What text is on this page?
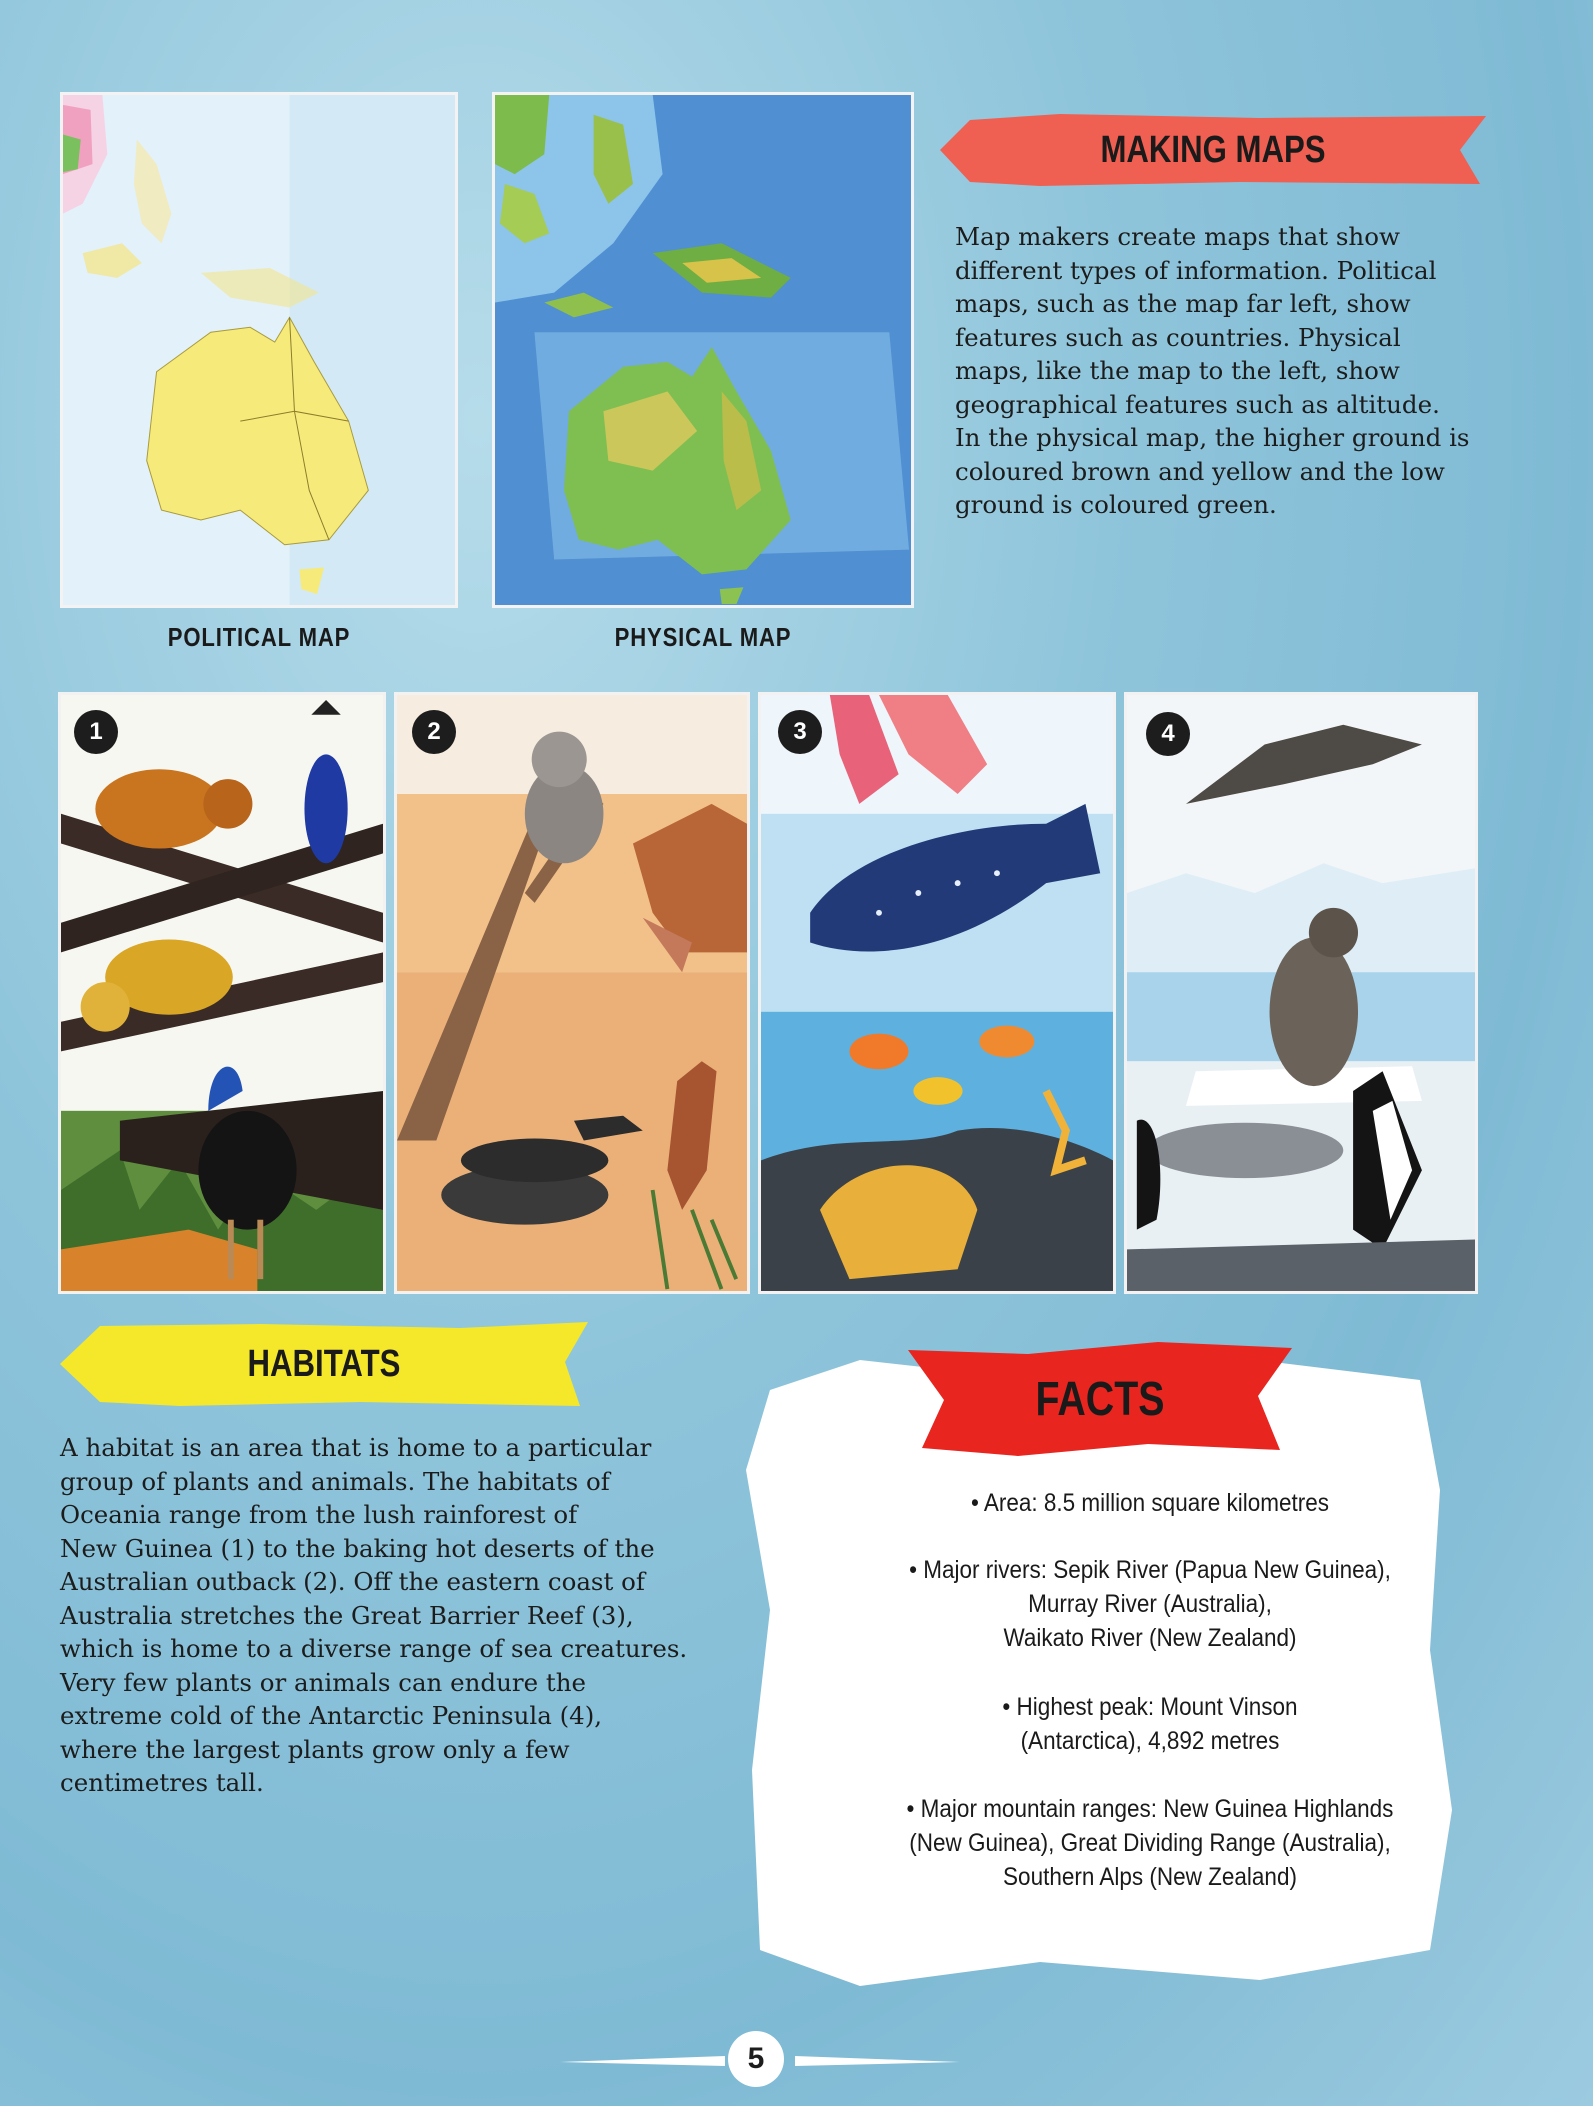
POLITICAL MAP	PHYSICAL MAP
MAKING MAPS
Map makers create maps that show
different types of information. Political
maps, such as the map far left, show
features such as countries. Physical
maps, like the map to the left, show
geographical features such as altitude.
In the physical map, the higher ground is
coloured brown and yellow and the low
ground is coloured green.
1	2	3	4
HABITATS
A habitat is an area that is home to a particular
group of plants and animals. The habitats of
Oceania range from the lush rainforest of
New Guinea (1) to the baking hot deserts of the
Australian outback (2). Off the eastern coast of
Australia stretches the Great Barrier Reef (3),
which is home to a diverse range of sea creatures.
Very few plants or animals can endure the
extreme cold of the Antarctic Peninsula (4),
where the largest plants grow only a few
centimetres tall.
FACTS
• Area: 8.5 million square kilometres
• Major rivers: Sepik River (Papua New Guinea),
Murray River (Australia),
Waikato River (New Zealand)
• Highest peak: Mount Vinson
(Antarctica), 4,892 metres
• Major mountain ranges: New Guinea Highlands
(New Guinea), Great Dividing Range (Australia),
Southern Alps (New Zealand)
5
